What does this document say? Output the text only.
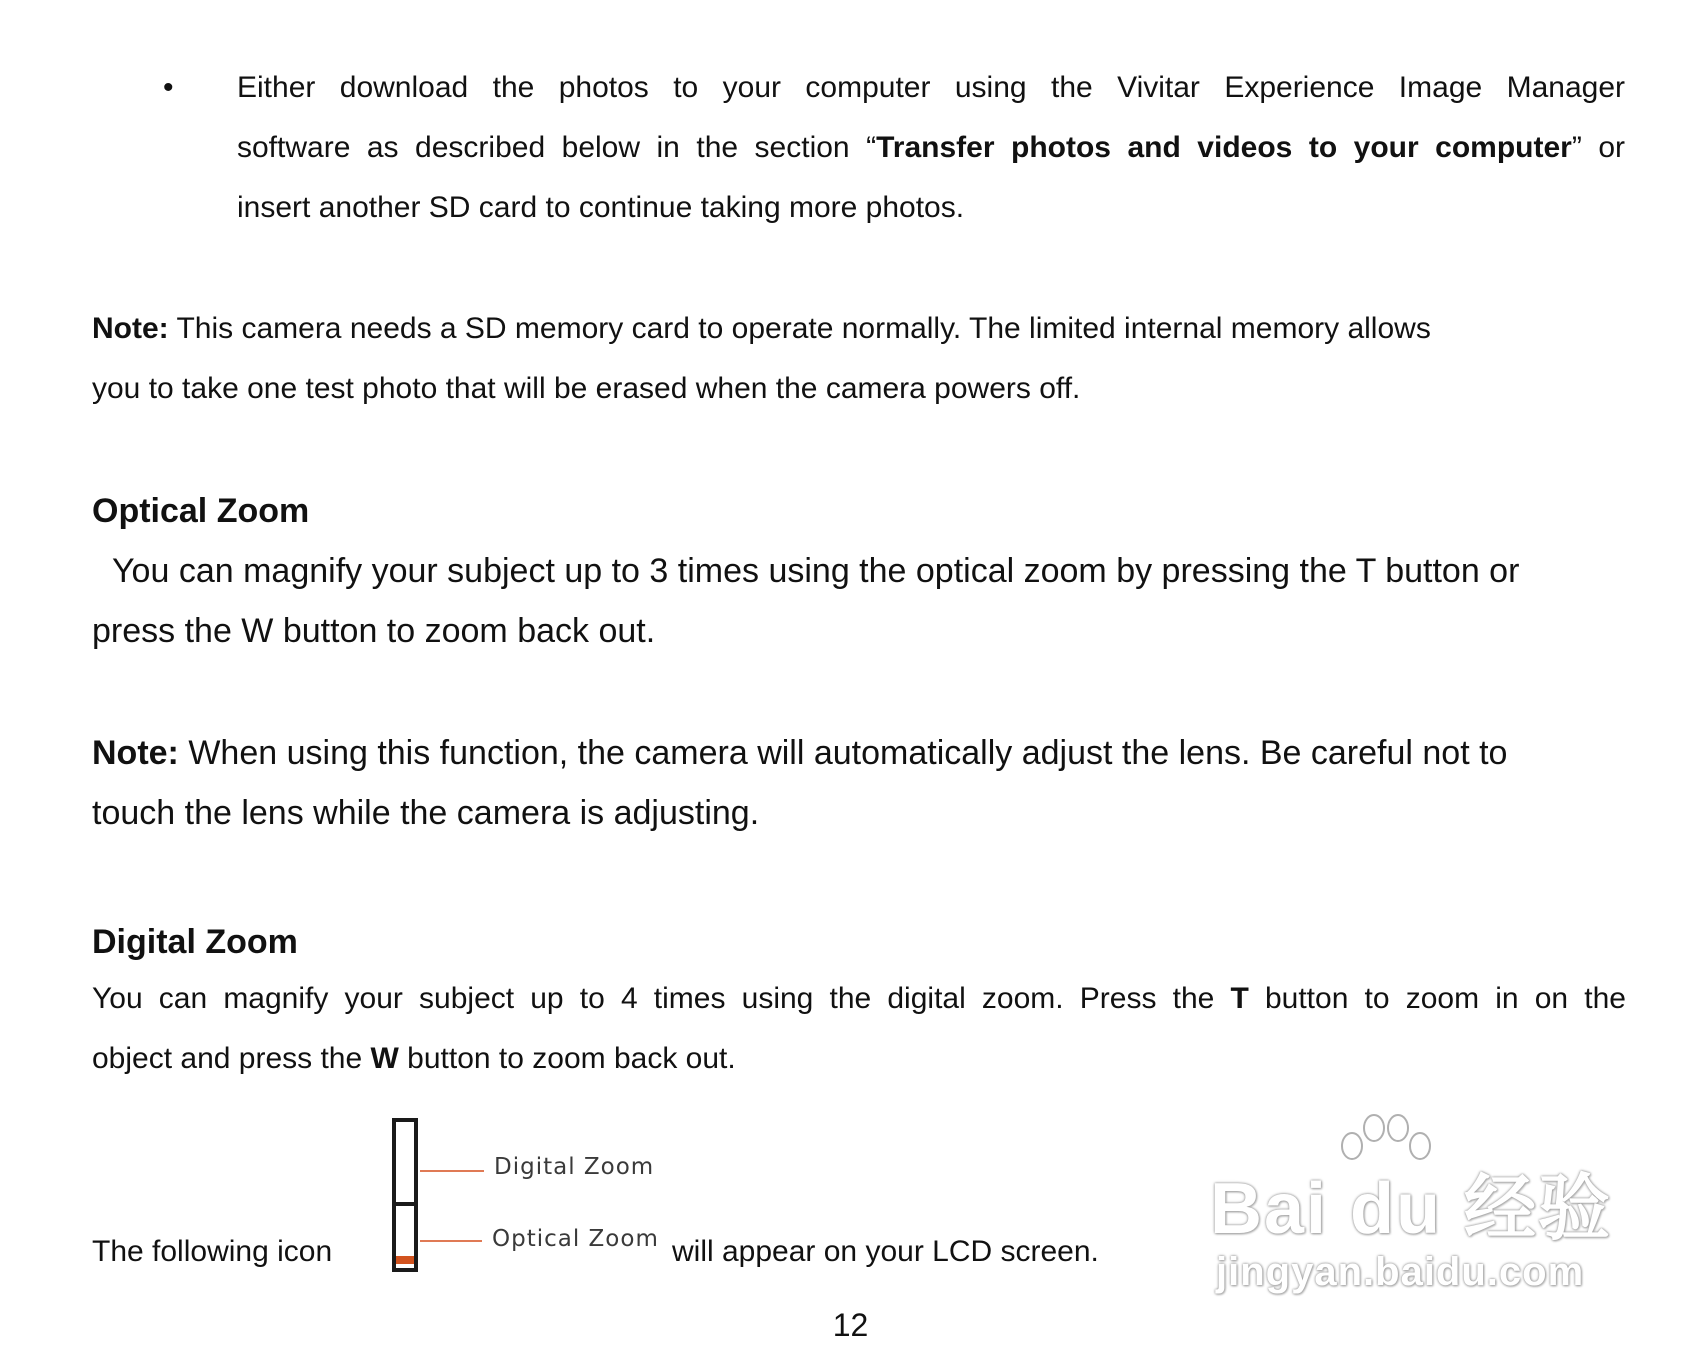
• Either download the photos to your computer using the Vivitar Experience Image Manager
software as described below in the section “Transfer photos and videos to your computer” or
insert another SD card to continue taking more photos.
Note: This camera needs a SD memory card to operate normally. The limited internal memory allows
you to take one test photo that will be erased when the camera powers off.
Optical Zoom
You can magnify your subject up to 3 times using the optical zoom by pressing the T button or
press the W button to zoom back out.
Note: When using this function, the camera will automatically adjust the lens. Be careful not to
touch the lens while the camera is adjusting.
Digital Zoom
You can magnify your subject up to 4 times using the digital zoom. Press the T button to zoom in on the
object and press the W button to zoom back out.
The following icon
Digital Zoom
Optical Zoom will appear on your LCD screen.
Bai du 经验
jingyan.baidu.com
12
